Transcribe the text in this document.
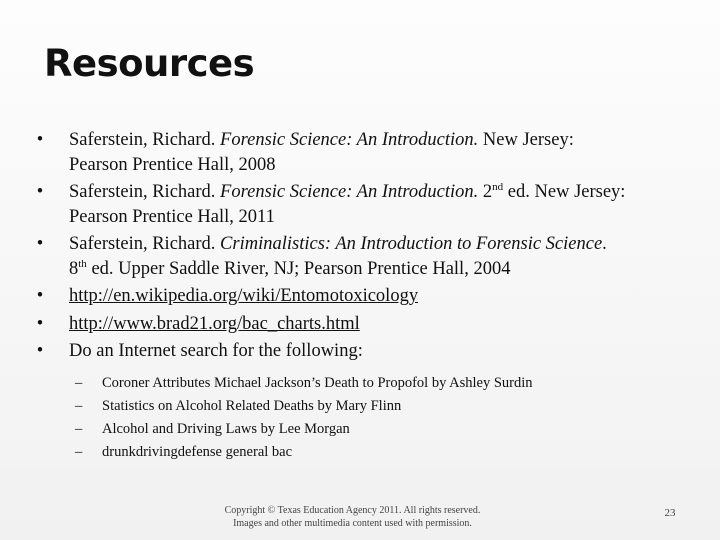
Resources
•	Saferstein, Richard. Forensic Science: An Introduction. New Jersey:
Pearson Prentice Hall, 2008
•	Saferstein, Richard. Forensic Science: An Introduction. 2nd ed. New Jersey:
Pearson Prentice Hall, 2011
•	Saferstein, Richard. Criminalistics: An Introduction to Forensic Science.
8th ed. Upper Saddle River, NJ; Pearson Prentice Hall, 2004
•	http://en.wikipedia.org/wiki/Entomotoxicology
•	http://www.brad21.org/bac_charts.html
•	Do an Internet search for the following:
– Coroner Attributes Michael Jackson’s Death to Propofol by Ashley Surdin
– Statistics on Alcohol Related Deaths by Mary Flinn
– Alcohol and Driving Laws by Lee Morgan
– drunkdrivingdefense general bac
Copyright © Texas Education Agency 2011. All rights reserved.
Images and other multimedia content used with permission.
23
